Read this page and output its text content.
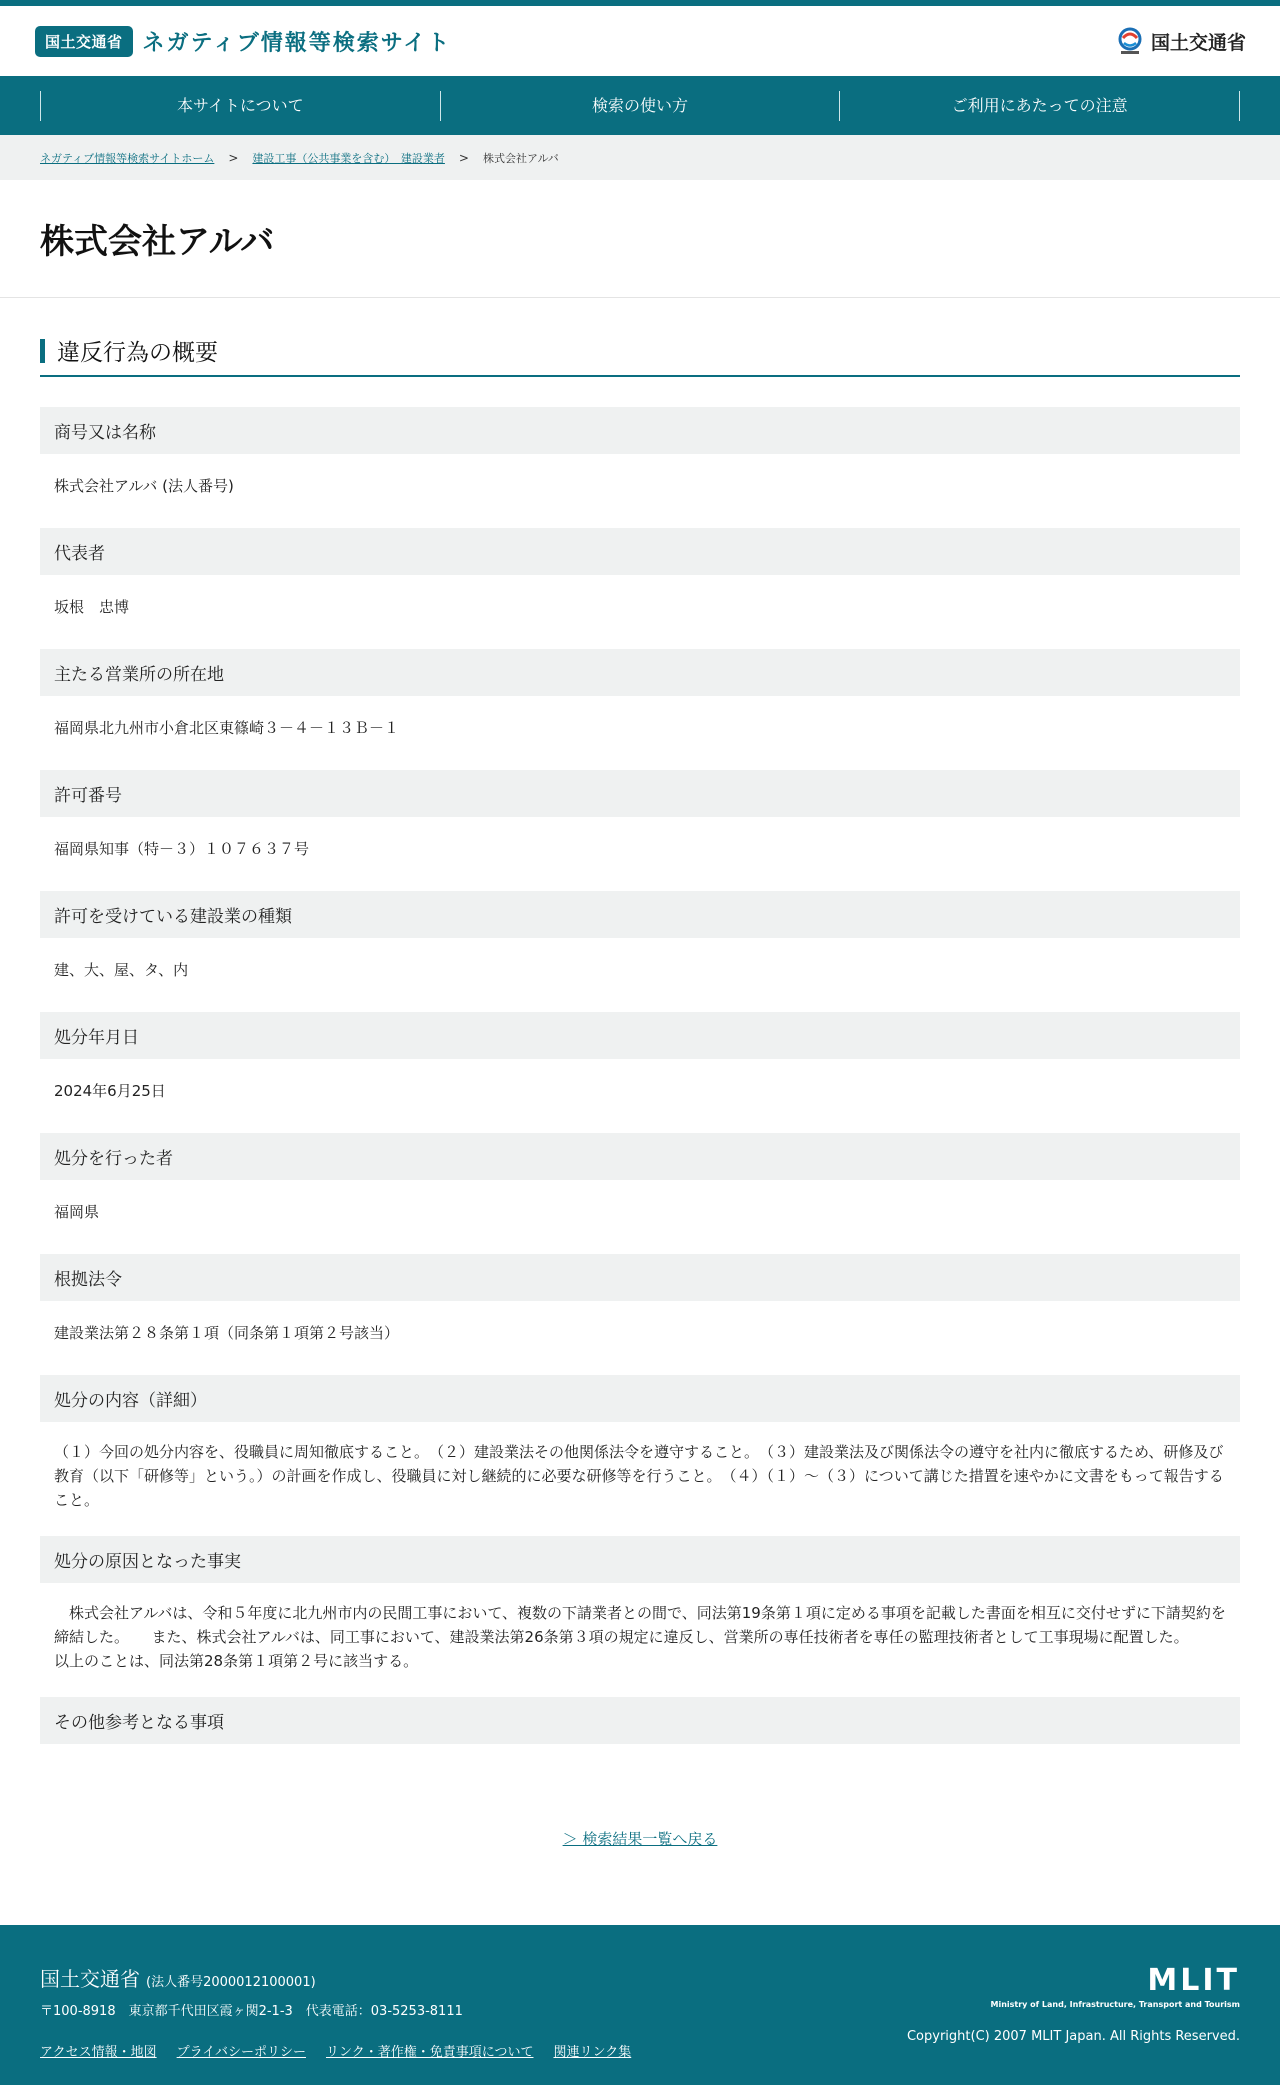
国土交通省 ネガティブ情報等検索サイト	国土交通省
本サイトについて	検索の使い方	ご利用にあたっての注意
ネガティブ情報等検索サイトホーム > 建設工事（公共事業を含む）　建設業者 > 株式会社アルバ
株式会社アルバ
違反行為の概要
商号又は名称
株式会社アルバ (法人番号)
代表者
坂根　忠博
主たる営業所の所在地
福岡県北九州市小倉北区東篠崎３－４－１３Ｂ－１
許可番号
福岡県知事（特－３）１０７６３７号
許可を受けている建設業の種類
建、大、屋、タ、内
処分年月日
2024年6月25日
処分を行った者
福岡県
根拠法令
建設業法第２８条第１項（同条第１項第２号該当）
処分の内容（詳細）
（１）今回の処分内容を、役職員に周知徹底すること。　（２）建設業法その他関係法令を遵守すること。　（３）建設業法及び関係法令の遵守を社内に徹底するため、研修及び教育（以下「研修等」という。）の計画を作成し、役職員に対し継続的に必要な研修等を行うこと。　（４）（１）～（３）について講じた措置を速やかに文書をもって報告すること。
処分の原因となった事実
　株式会社アルバは、令和５年度に北九州市内の民間工事において、複数の下請業者との間で、同法第19条第１項に定める事項を記載した書面を相互に交付せずに下請契約を締結した。　　また、株式会社アルバは、同工事において、建設業法第26条第３項の規定に違反し、営業所の専任技術者を専任の監理技術者として工事現場に配置した。　　以上のことは、同法第28条第１項第２号に該当する。
その他参考となる事項
＞ 検索結果一覧へ戻る
国土交通省 (法人番号2000012100001)
〒100-8918　東京都千代田区霞ヶ関2-1-3　代表電話：03-5253-8111
アクセス情報・地図 プライバシーポリシー リンク・著作権・免責事項について 関連リンク集
MLIT
Ministry of Land, Infrastructure, Transport and Tourism
Copyright(C) 2007 MLIT Japan. All Rights Reserved.
